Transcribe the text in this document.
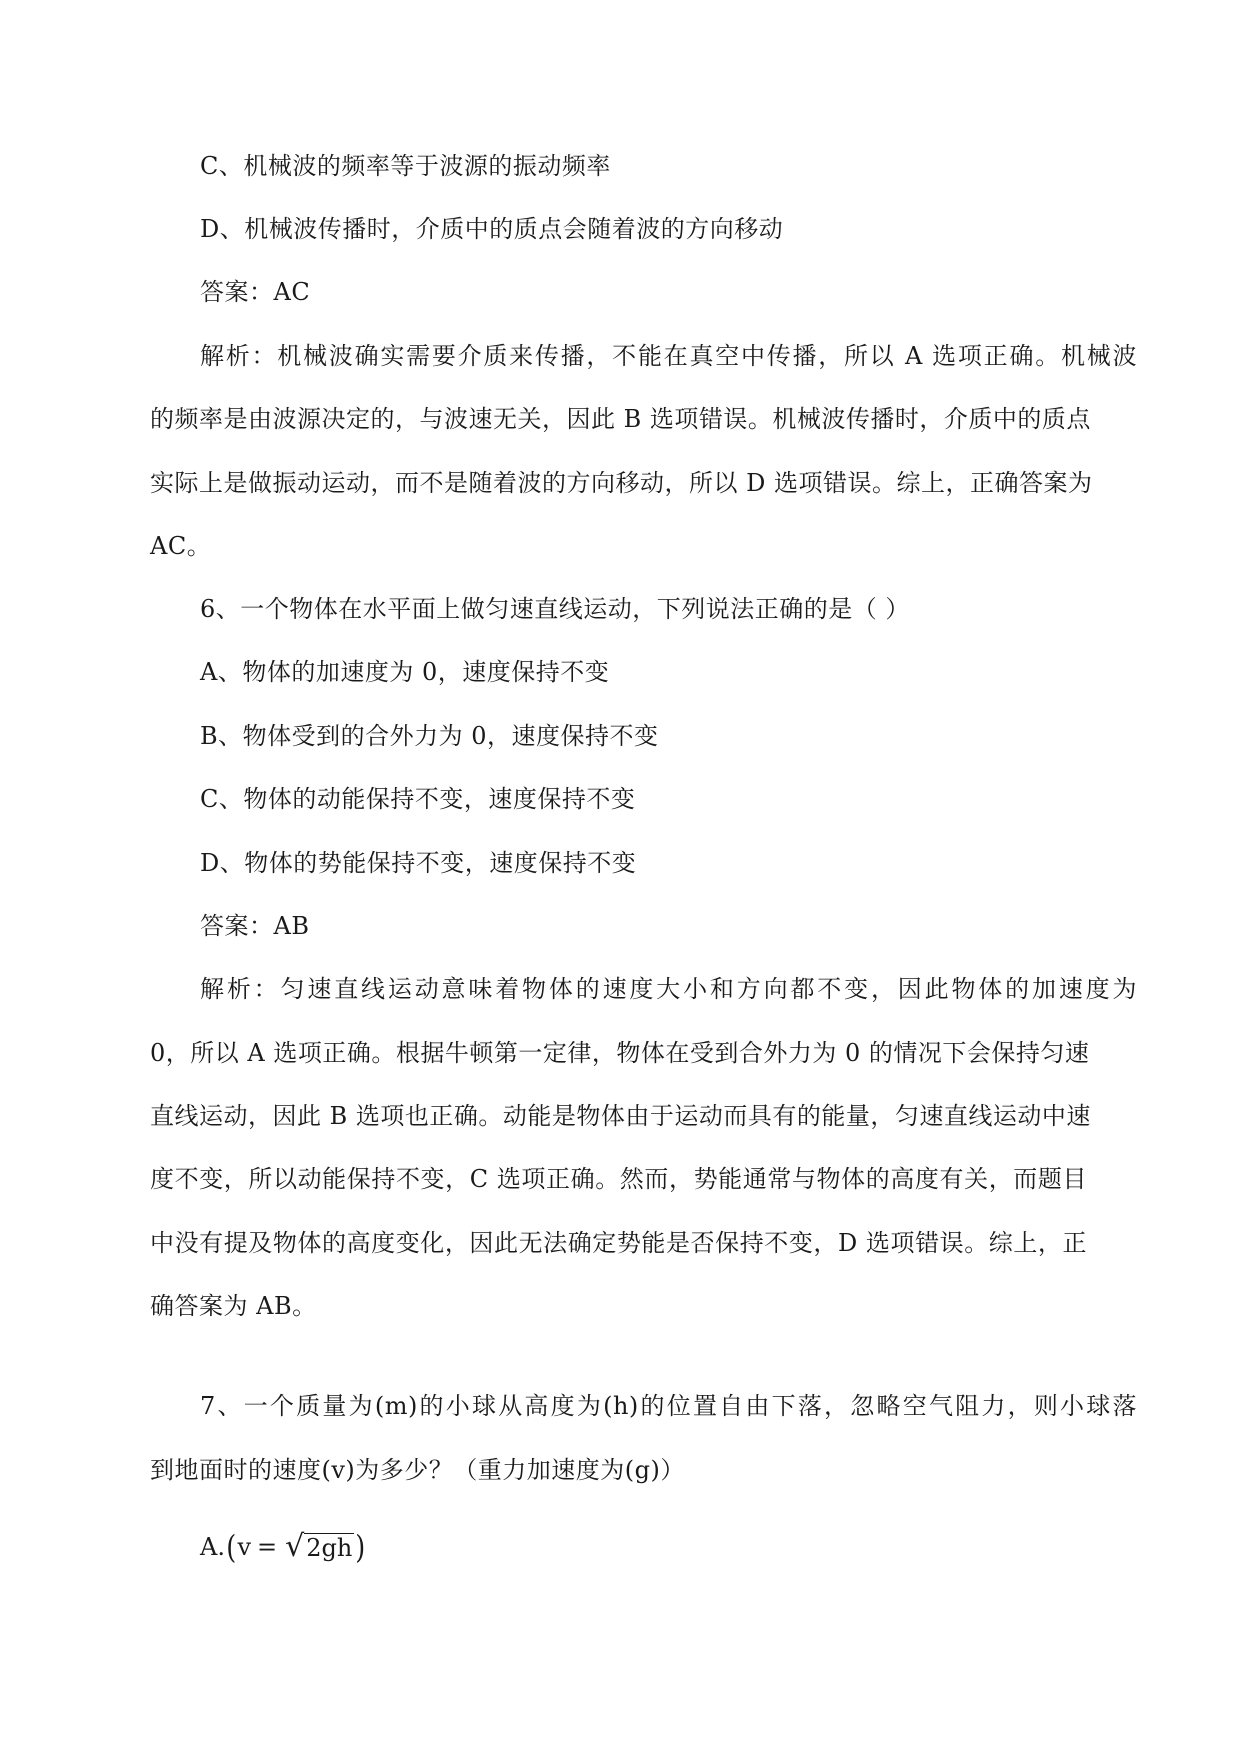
C、机械波的频率等于波源的振动频率
D、机械波传播时，介质中的质点会随着波的方向移动
答案：AC
解析：机械波确实需要介质来传播，不能在真空中传播，所以 A 选项正确。机械波
的频率是由波源决定的，与波速无关，因此 B 选项错误。机械波传播时，介质中的质点
实际上是做振动运动，而不是随着波的方向移动，所以 D 选项错误。综上，正确答案为
AC。
6、一个物体在水平面上做匀速直线运动，下列说法正确的是（ ）
A、物体的加速度为 0，速度保持不变
B、物体受到的合外力为 0，速度保持不变
C、物体的动能保持不变，速度保持不变
D、物体的势能保持不变，速度保持不变
答案：AB
解析：匀速直线运动意味着物体的速度大小和方向都不变，因此物体的加速度为
0，所以 A 选项正确。根据牛顿第一定律，物体在受到合外力为 0 的情况下会保持匀速
直线运动，因此 B 选项也正确。动能是物体由于运动而具有的能量，匀速直线运动中速
度不变，所以动能保持不变，C 选项正确。然而，势能通常与物体的高度有关，而题目
中没有提及物体的高度变化，因此无法确定势能是否保持不变，D 选项错误。综上，正
确答案为 AB。
7、一个质量为(m)的小球从高度为(h)的位置自由下落，忽略空气阻力，则小球落
到地面时的速度(v)为多少？（重力加速度为(g)）
A. ( v = √ 2gh )
